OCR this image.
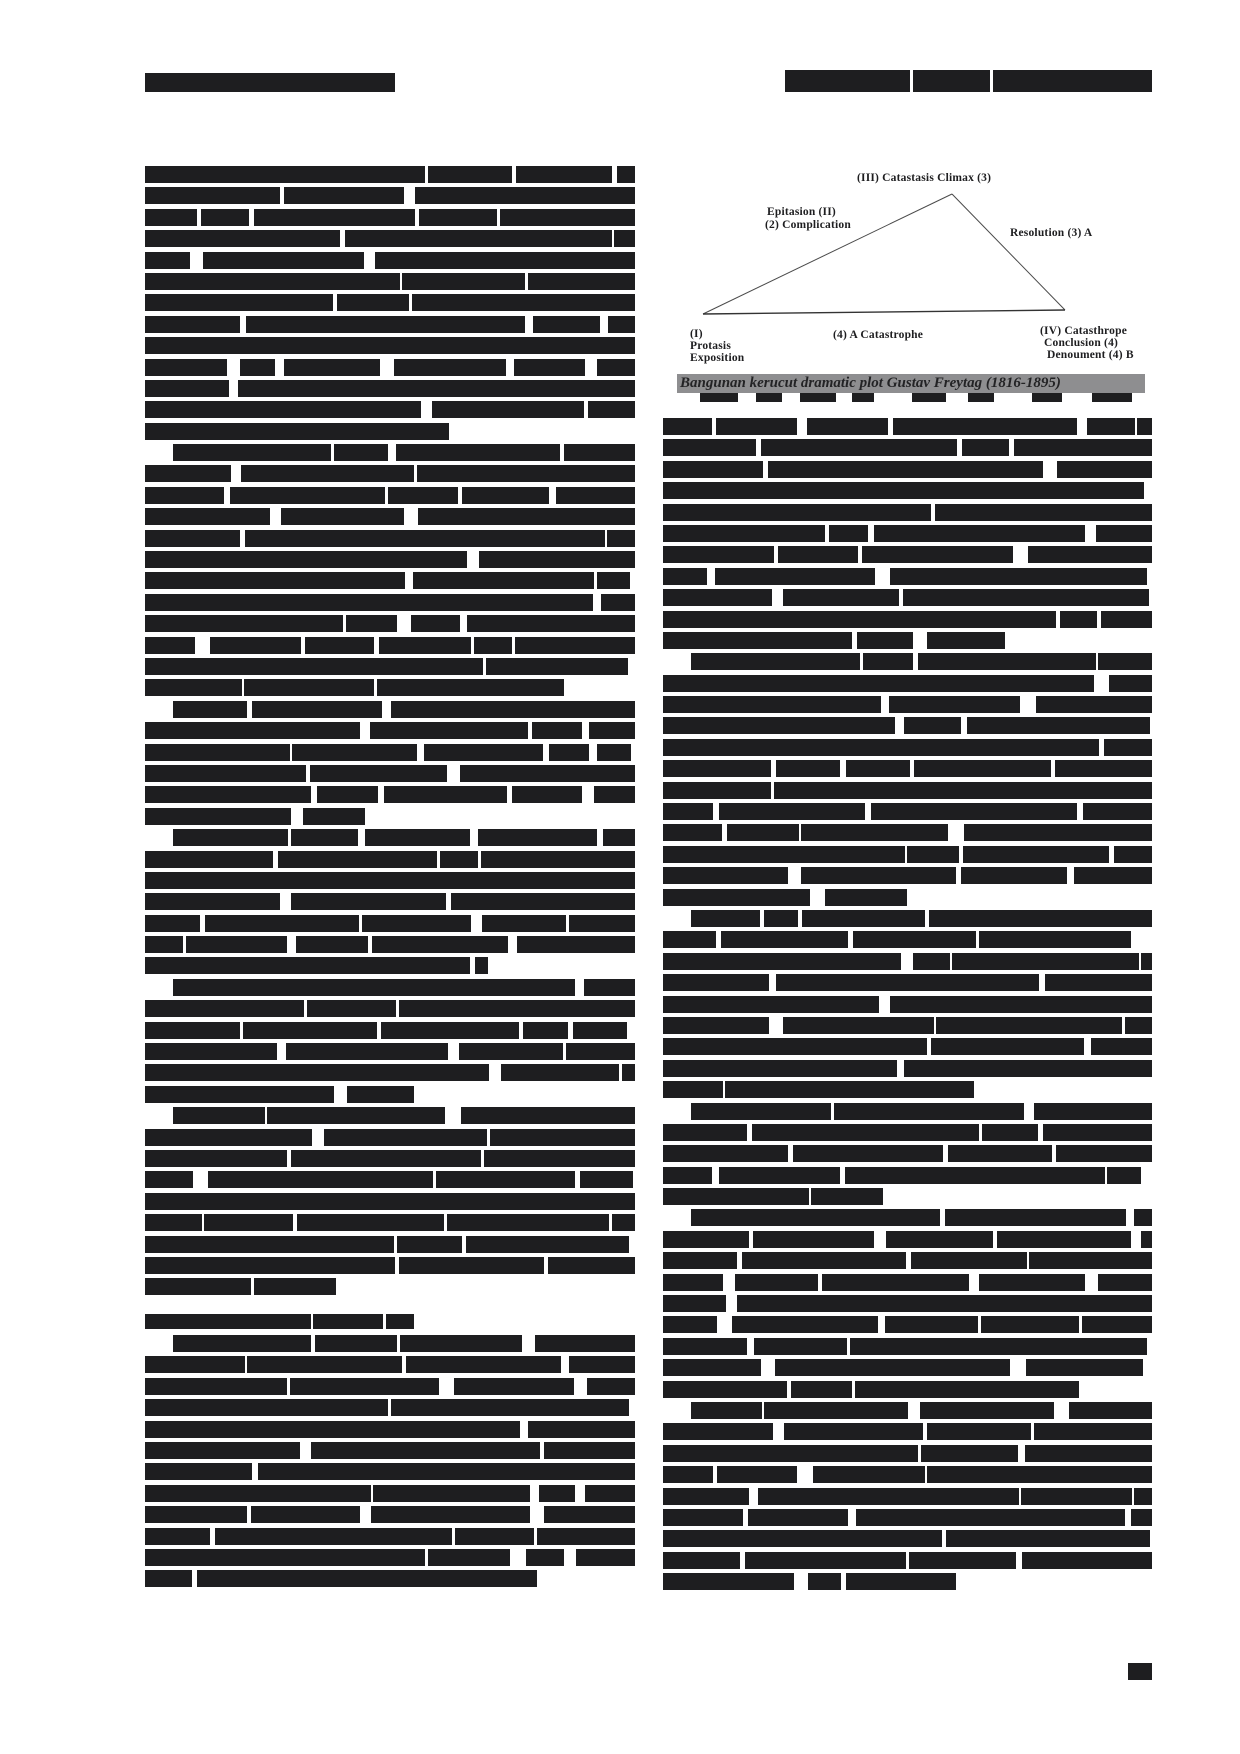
(III) Catastasis Climax (3)
Epitasion (II)
(2) Complication
Resolution (3) A
(I)
Protasis
Exposition
(4) A Catastrophe	(IV) Catasthrope
Conclusion (4)
Denoument (4) B
Bangunan kerucut dramatic plot Gustav Freytag (1816-1895)
